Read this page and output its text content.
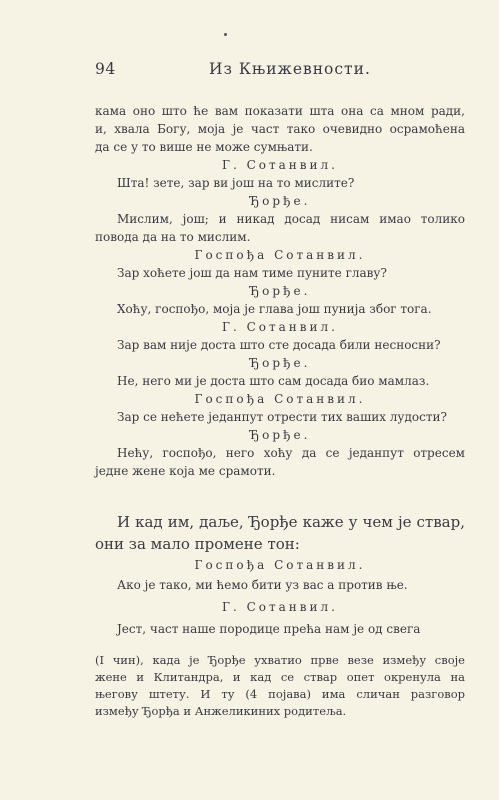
94	Из Књижевности.
кама оно што ће вам показати шта она са мном ради,
и, хвала Богу, моја је част тако очевидно осрамоћена
да се у то више не може сумњати.
Г. Сотанвил.
Шта! зете, зар ви још на то мислите?
Ђорђе.
Мислим, још; и никад досад нисам имао толико
повода да на то мислим.
Госпођа Сотанвил.
Зар хоћете још да нам тиме пуните главу?
Ђорђе.
Хоћу, госпођо, моја је глава још пунија због тога.
Г. Сотанвил.
Зар вам није доста што сте досада били несносни?
Ђорђе.
Не, него ми је доста што сам досада био мамлаз.
Госпођа Сотанвил.
Зар се нећете једанпут отрести тих ваших лудости?
Ђорђе.
Нећу, госпођо, него хоћу да се једанпут отресем
једне жене која ме срамоти.
И кад им, даље, Ђорђе каже у чем је ствар,
они за мало промене тон:
Госпођа Сотанвил.
Ако је тако, ми ћемо бити уз вас а против ње.
Г. Сотанвил.
Јест, част наше породице прећа нам је од свега
(I чин), када је Ђорђе ухватио прве везе између своје
жене и Клитандра, и кад се ствар опет окренула на
његову штету. И ту (4 појава) има сличан разговор
између Ђорђа и Анжеликиних родитеља.
